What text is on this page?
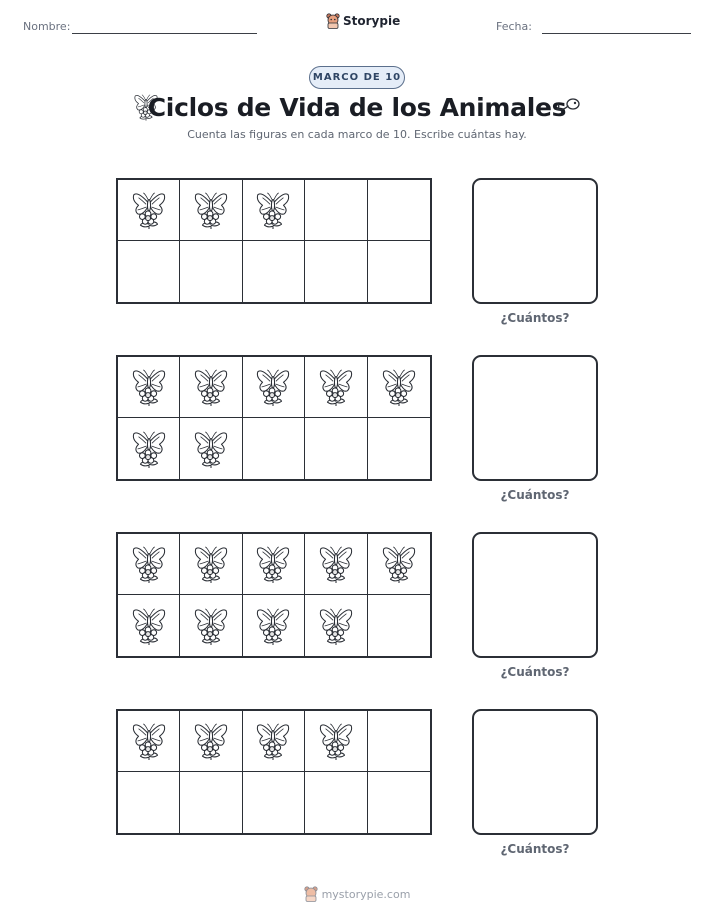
Nombre:	Storypie	Fecha:
MARCO DE 10
Ciclos de Vida de los Animales
Cuenta las figuras en cada marco de 10. Escribe cuántas hay.
¿Cuántos?
¿Cuántos?
¿Cuántos?
¿Cuántos?
mystorypie.com
